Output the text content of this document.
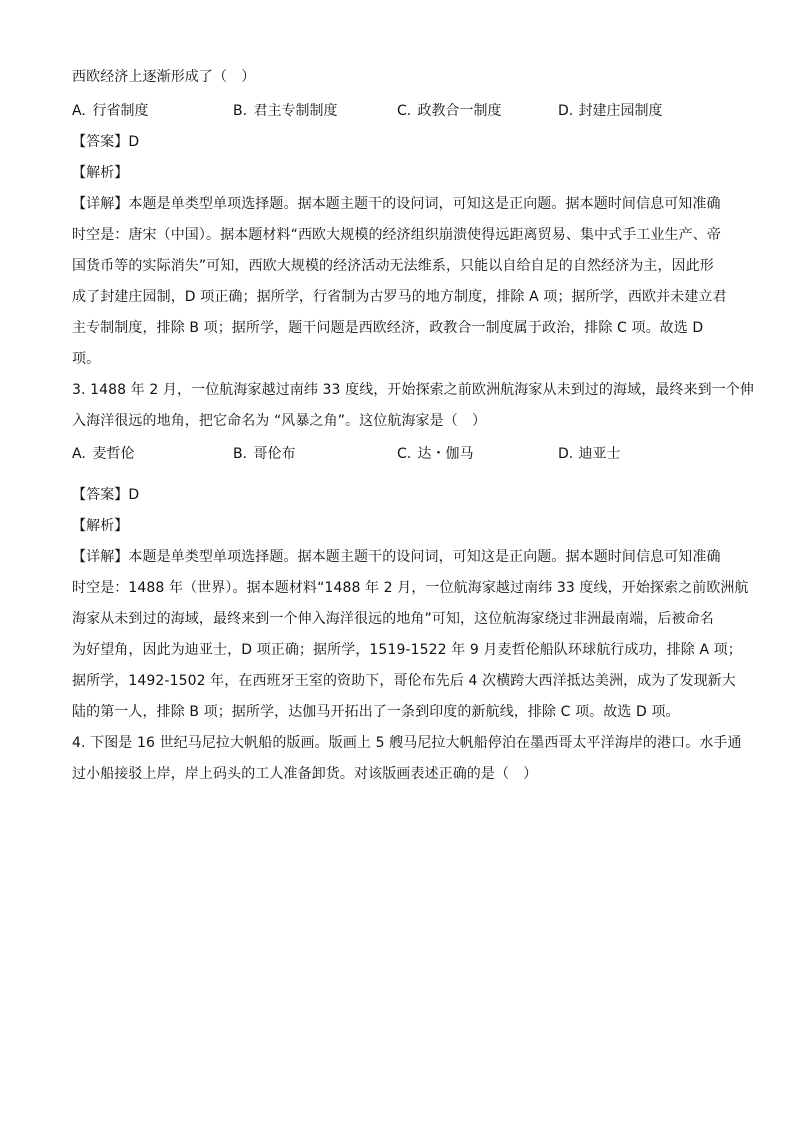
西欧经济上逐渐形成了（　）
A. 行省制度	B. 君主专制制度	C. 政教合一制度	D. 封建庄园制度
【答案】D
【解析】
【详解】本题是单类型单项选择题。据本题主题干的设问词，可知这是正向题。据本题时间信息可知准确
时空是：唐宋（中国）。据本题材料“西欧大规模的经济组织崩溃使得远距离贸易、集中式手工业生产、帝
国货币等的实际消失”可知，西欧大规模的经济活动无法维系，只能以自给自足的自然经济为主，因此形
成了封建庄园制，D 项正确；据所学，行省制为古罗马的地方制度，排除 A 项；据所学，西欧并未建立君
主专制制度，排除 B 项；据所学，题干问题是西欧经济，政教合一制度属于政治，排除 C 项。故选 D
项。
3. 1488 年 2 月，一位航海家越过南纬 33 度线，开始探索之前欧洲航海家从未到过的海域，最终来到一个伸
入海洋很远的地角，把它命名为 “风暴之角”。这位航海家是（　）
A. 麦哲伦	B. 哥伦布	C. 达・伽马	D. 迪亚士
【答案】D
【解析】
【详解】本题是单类型单项选择题。据本题主题干的设问词，可知这是正向题。据本题时间信息可知准确
时空是：1488 年（世界）。据本题材料“1488 年 2 月，一位航海家越过南纬 33 度线，开始探索之前欧洲航
海家从未到过的海域，最终来到一个伸入海洋很远的地角”可知，这位航海家绕过非洲最南端，后被命名
为好望角，因此为迪亚士，D 项正确；据所学，1519-1522 年 9 月麦哲伦船队环球航行成功，排除 A 项；
据所学，1492-1502 年，在西班牙王室的资助下，哥伦布先后 4 次横跨大西洋抵达美洲，成为了发现新大
陆的第一人，排除 B 项；据所学，达伽马开拓出了一条到印度的新航线，排除 C 项。故选 D 项。
4. 下图是 16 世纪马尼拉大帆船的版画。版画上 5 艘马尼拉大帆船停泊在墨西哥太平洋海岸的港口。水手通
过小船接驳上岸，岸上码头的工人准备卸货。对该版画表述正确的是（　）
